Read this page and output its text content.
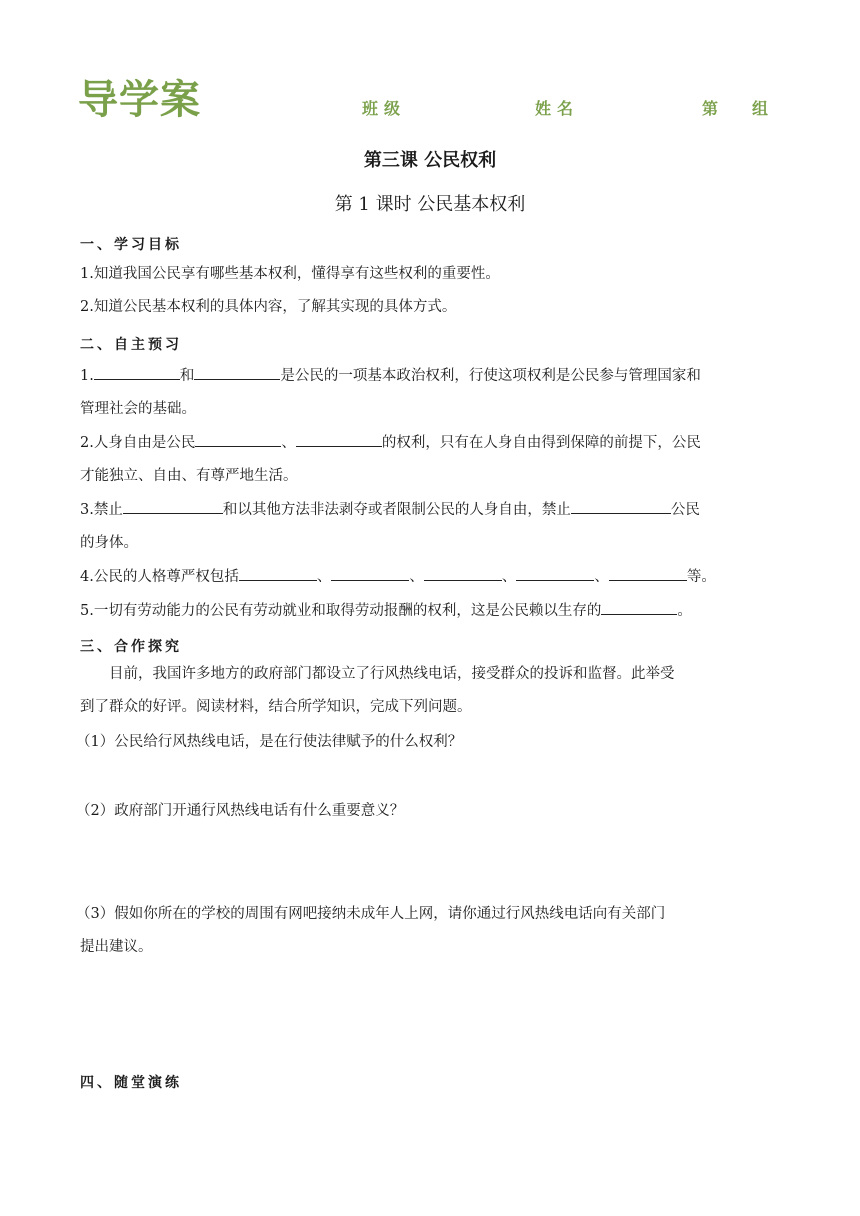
导学案	班级	姓名	第 组
第三课 公民权利
第 1 课时 公民基本权利
一、学习目标
1.知道我国公民享有哪些基本权利，懂得享有这些权利的重要性。
2.知道公民基本权利的具体内容，了解其实现的具体方式。
二、自主预习
1.	和	是公民的一项基本政治权利，行使这项权利是公民参与管理国家和
管理社会的基础。
2.人身自由是公民	、	的权利，只有在人身自由得到保障的前提下，公民
才能独立、自由、有尊严地生活。
3.禁止	和以其他方法非法剥夺或者限制公民的人身自由，禁止	公民
的身体。
4.公民的人格尊严权包括	、	、	、	、	等。
5.一切有劳动能力的公民有劳动就业和取得劳动报酬的权利，这是公民赖以生存的	。
三、合作探究
目前，我国许多地方的政府部门都设立了行风热线电话，接受群众的投诉和监督。此举受
到了群众的好评。阅读材料，结合所学知识，完成下列问题。
（1）公民给行风热线电话，是在行使法律赋予的什么权利？
（2）政府部门开通行风热线电话有什么重要意义？
（3）假如你所在的学校的周围有网吧接纳未成年人上网，请你通过行风热线电话向有关部门
提出建议。
四、随堂演练
